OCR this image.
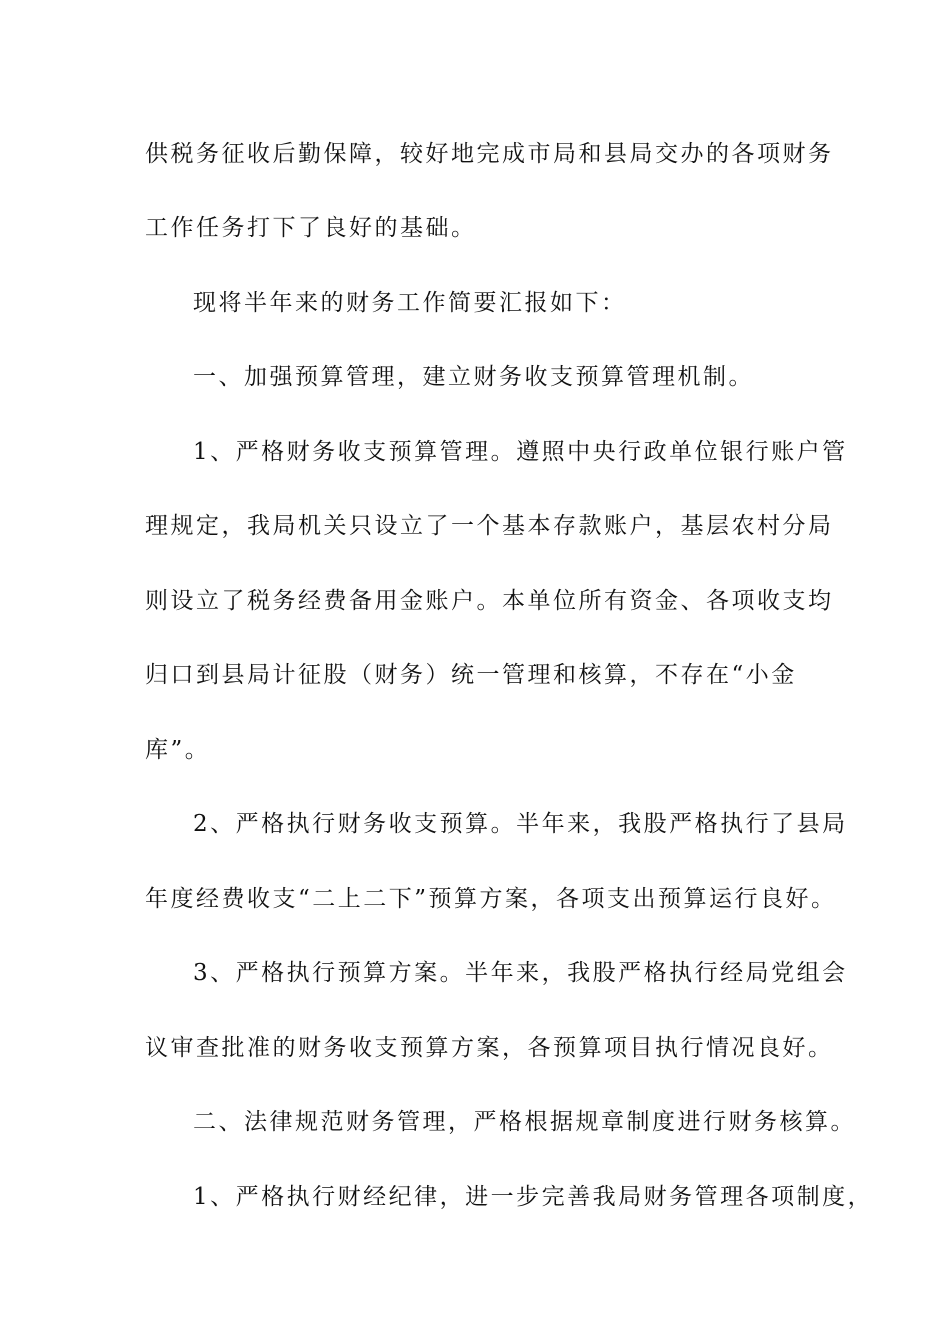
供税务征收后勤保障，较好地完成市局和县局交办的各项财务
工作任务打下了良好的基础。
现将半年来的财务工作简要汇报如下：
一、加强预算管理，建立财务收支预算管理机制。
1、严格财务收支预算管理。遵照中央行政单位银行账户管
理规定，我局机关只设立了一个基本存款账户，基层农村分局
则设立了税务经费备用金账户。本单位所有资金、各项收支均
归口到县局计征股（财务）统一管理和核算，不存在“小金
库”。
2、严格执行财务收支预算。半年来，我股严格执行了县局
年度经费收支“二上二下”预算方案，各项支出预算运行良好。
3、严格执行预算方案。半年来，我股严格执行经局党组会
议审查批准的财务收支预算方案，各预算项目执行情况良好。
二、法律规范财务管理，严格根据规章制度进行财务核算。
1、严格执行财经纪律，进一步完善我局财务管理各项制度，
